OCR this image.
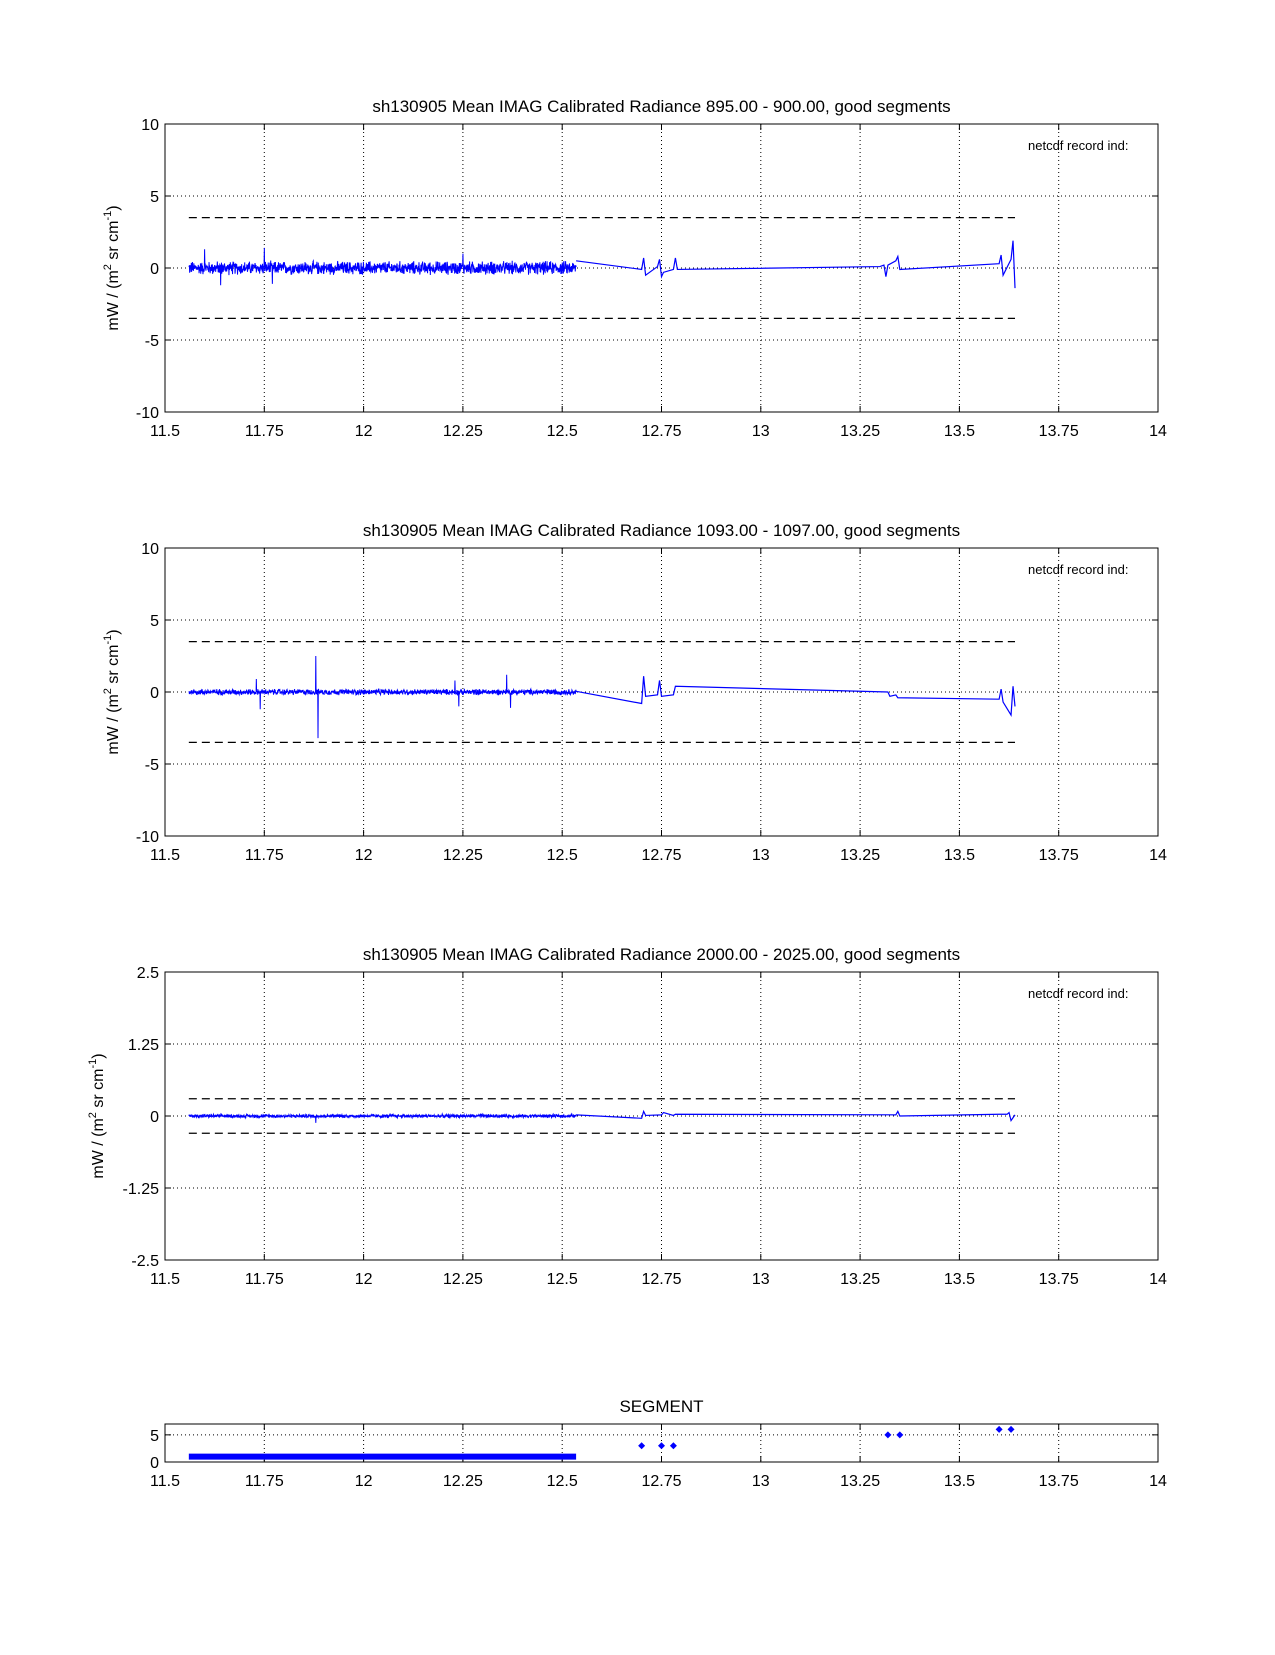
sh130905 Mean IMAG Calibrated Radiance 895.00 - 900.00, good segments
11.5	11.75	12	12.25	12.5	12.75	13	13.25	13.5	13.75	14
-10
-5
0
5
10
mW / ($m^2$ sr $cm^{-1}$)
netcdf record ind:
sh130905 Mean IMAG Calibrated Radiance 1093.00 - 1097.00, good segments
11.5	11.75	12	12.25	12.5	12.75	13	13.25	13.5	13.75	14
-10
-5
0
5
10
mW / ($m^2$ sr $cm^{-1}$)
netcdf record ind:
sh130905 Mean IMAG Calibrated Radiance 2000.00 - 2025.00, good segments
11.5	11.75	12	12.25	12.5	12.75	13	13.25	13.5	13.75	14
-2.5
-1.25
0
1.25
2.5
mW / ($m^2$ sr $cm^{-1}$)
netcdf record ind:
SEGMENT
11.5	11.75	12	12.25	12.5	12.75	13	13.25	13.5	13.75	14
0
5
